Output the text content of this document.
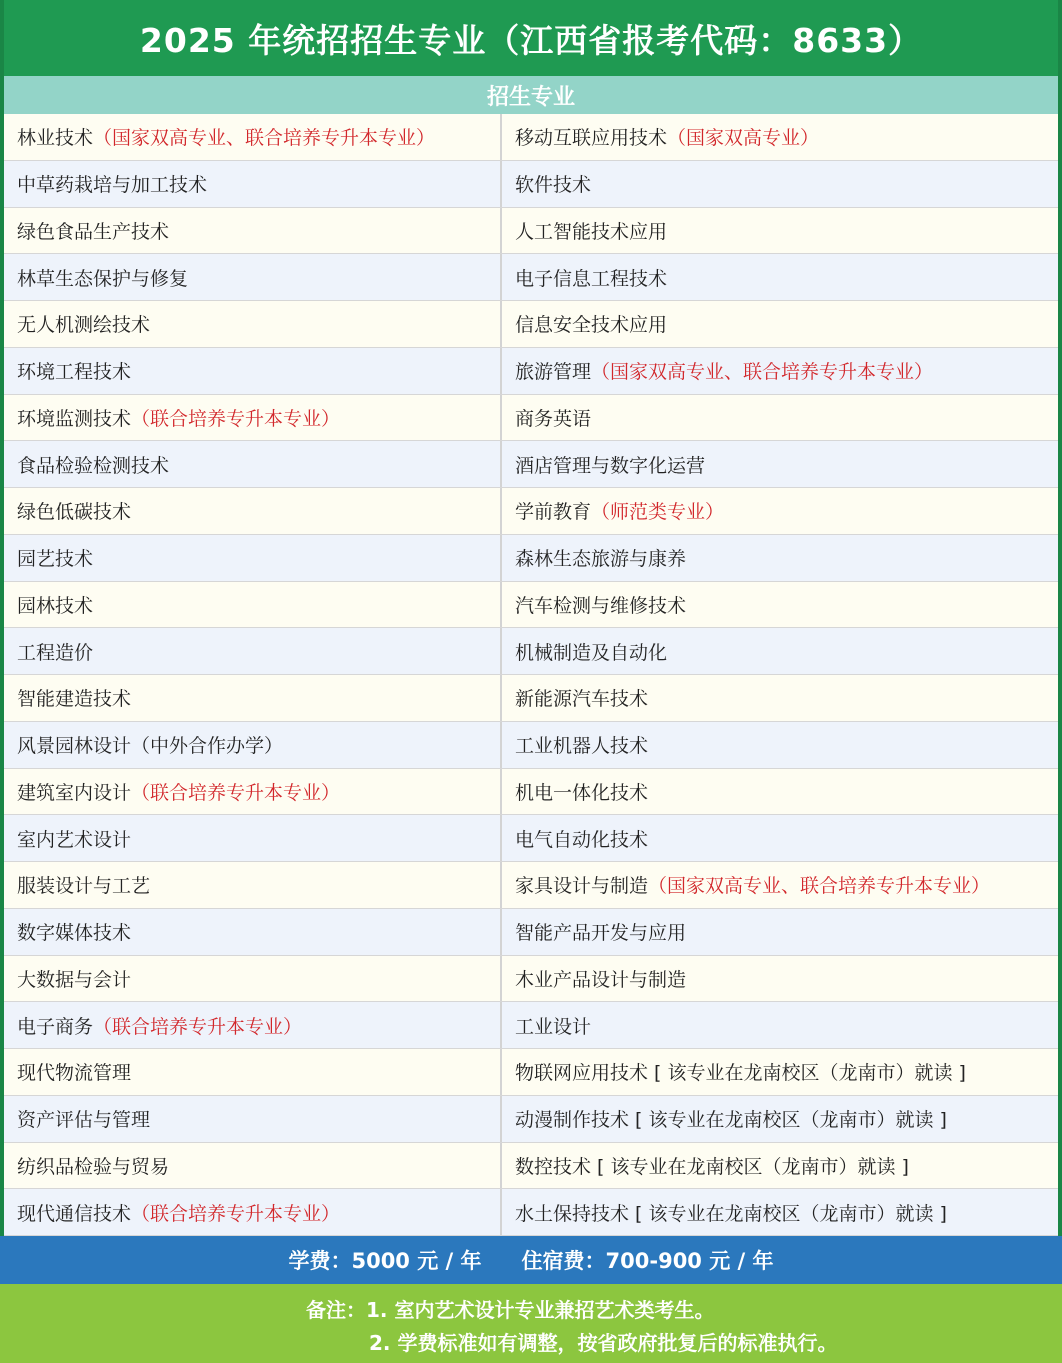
2025 年统招招生专业（江西省报考代码：8633）
招生专业
林业技术 （国家双高专业、联合培养专升本专业）	移动互联应用技术 （国家双高专业）
中草药栽培与加工技术	软件技术
绿色食品生产技术	人工智能技术应用
林草生态保护与修复	电子信息工程技术
无人机测绘技术	信息安全技术应用
环境工程技术	旅游管理 （国家双高专业、联合培养专升本专业）
环境监测技术 （联合培养专升本专业）	商务英语
食品检验检测技术	酒店管理与数字化运营
绿色低碳技术	学前教育 （师范类专业）
园艺技术	森林生态旅游与康养
园林技术	汽车检测与维修技术
工程造价	机械制造及自动化
智能建造技术	新能源汽车技术
风景园林设计（中外合作办学）	工业机器人技术
建筑室内设计 （联合培养专升本专业）	机电一体化技术
室内艺术设计	电气自动化技术
服装设计与工艺	家具设计与制造 （国家双高专业、联合培养专升本专业）
数字媒体技术	智能产品开发与应用
大数据与会计	木业产品设计与制造
电子商务 （联合培养专升本专业）	工业设计
现代物流管理	物联网应用技术 [ 该专业在龙南校区（龙南市）就读 ]
资产评估与管理	动漫制作技术 [ 该专业在龙南校区（龙南市）就读 ]
纺织品检验与贸易	数控技术 [ 该专业在龙南校区（龙南市）就读 ]
现代通信技术 （联合培养专升本专业）	水土保持技术 [ 该专业在龙南校区（龙南市）就读 ]
学费：5000 元 / 年 住宿费：700-900 元 / 年
备注：1. 室内艺术设计专业兼招艺术类考生。
2. 学费标准如有调整，按省政府批复后的标准执行。
